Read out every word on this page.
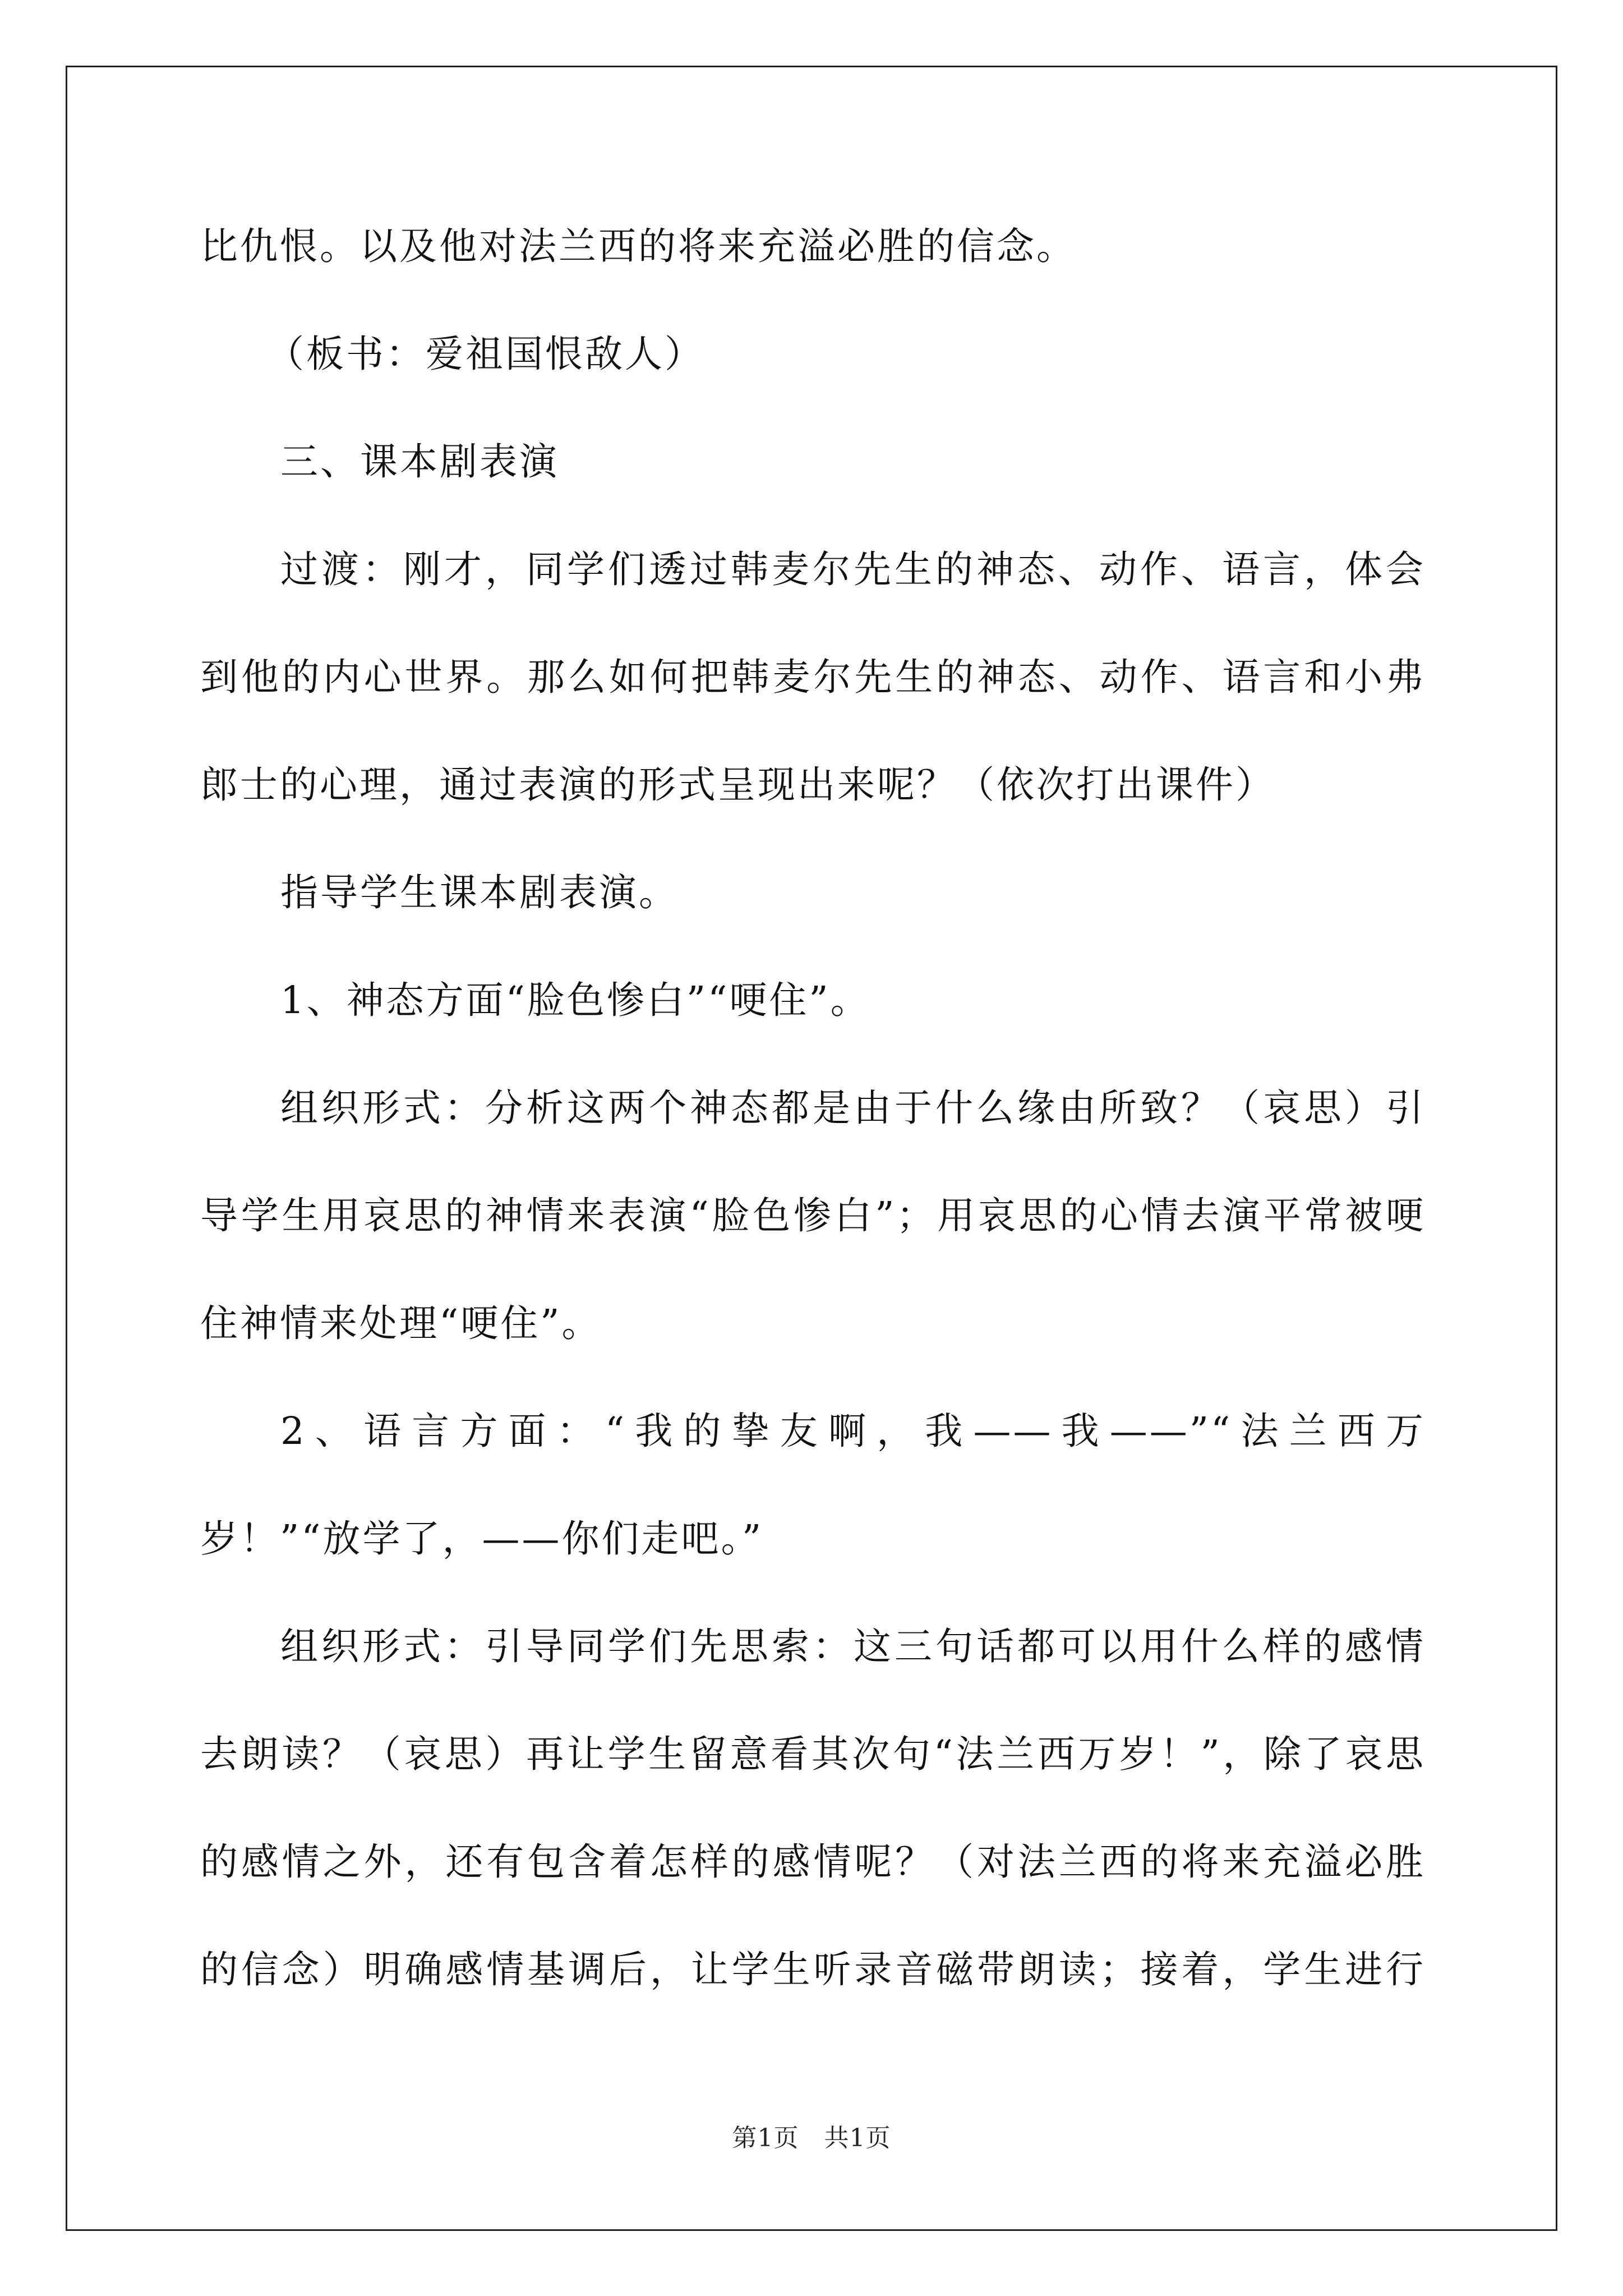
比仇恨。以及他对法兰西的将来充溢必胜的信念。
（板书：爱祖国恨敌人）
三、课本剧表演
过渡：刚才，同学们透过韩麦尔先生的神态、动作、语言，体会
到他的内心世界。那么如何把韩麦尔先生的神态、动作、语言和小弗
郎士的心理，通过表演的形式呈现出来呢？（依次打出课件）
指导学生课本剧表演。
1、神态方面“脸色惨白”“哽住”。
组织形式：分析这两个神态都是由于什么缘由所致？（哀思）引
导学生用哀思的神情来表演“脸色惨白”；用哀思的心情去演平常被哽
住神情来处理“哽住”。
2、语言方面：“我的挚友啊，我——我——”“法兰西万
岁！”“放学了，——你们走吧。”
组织形式：引导同学们先思索：这三句话都可以用什么样的感情
去朗读？（哀思）再让学生留意看其次句“法兰西万岁！”，除了哀思
的感情之外，还有包含着怎样的感情呢？（对法兰西的将来充溢必胜
的信念）明确感情基调后，让学生听录音磁带朗读；接着，学生进行
第1页　共1页
